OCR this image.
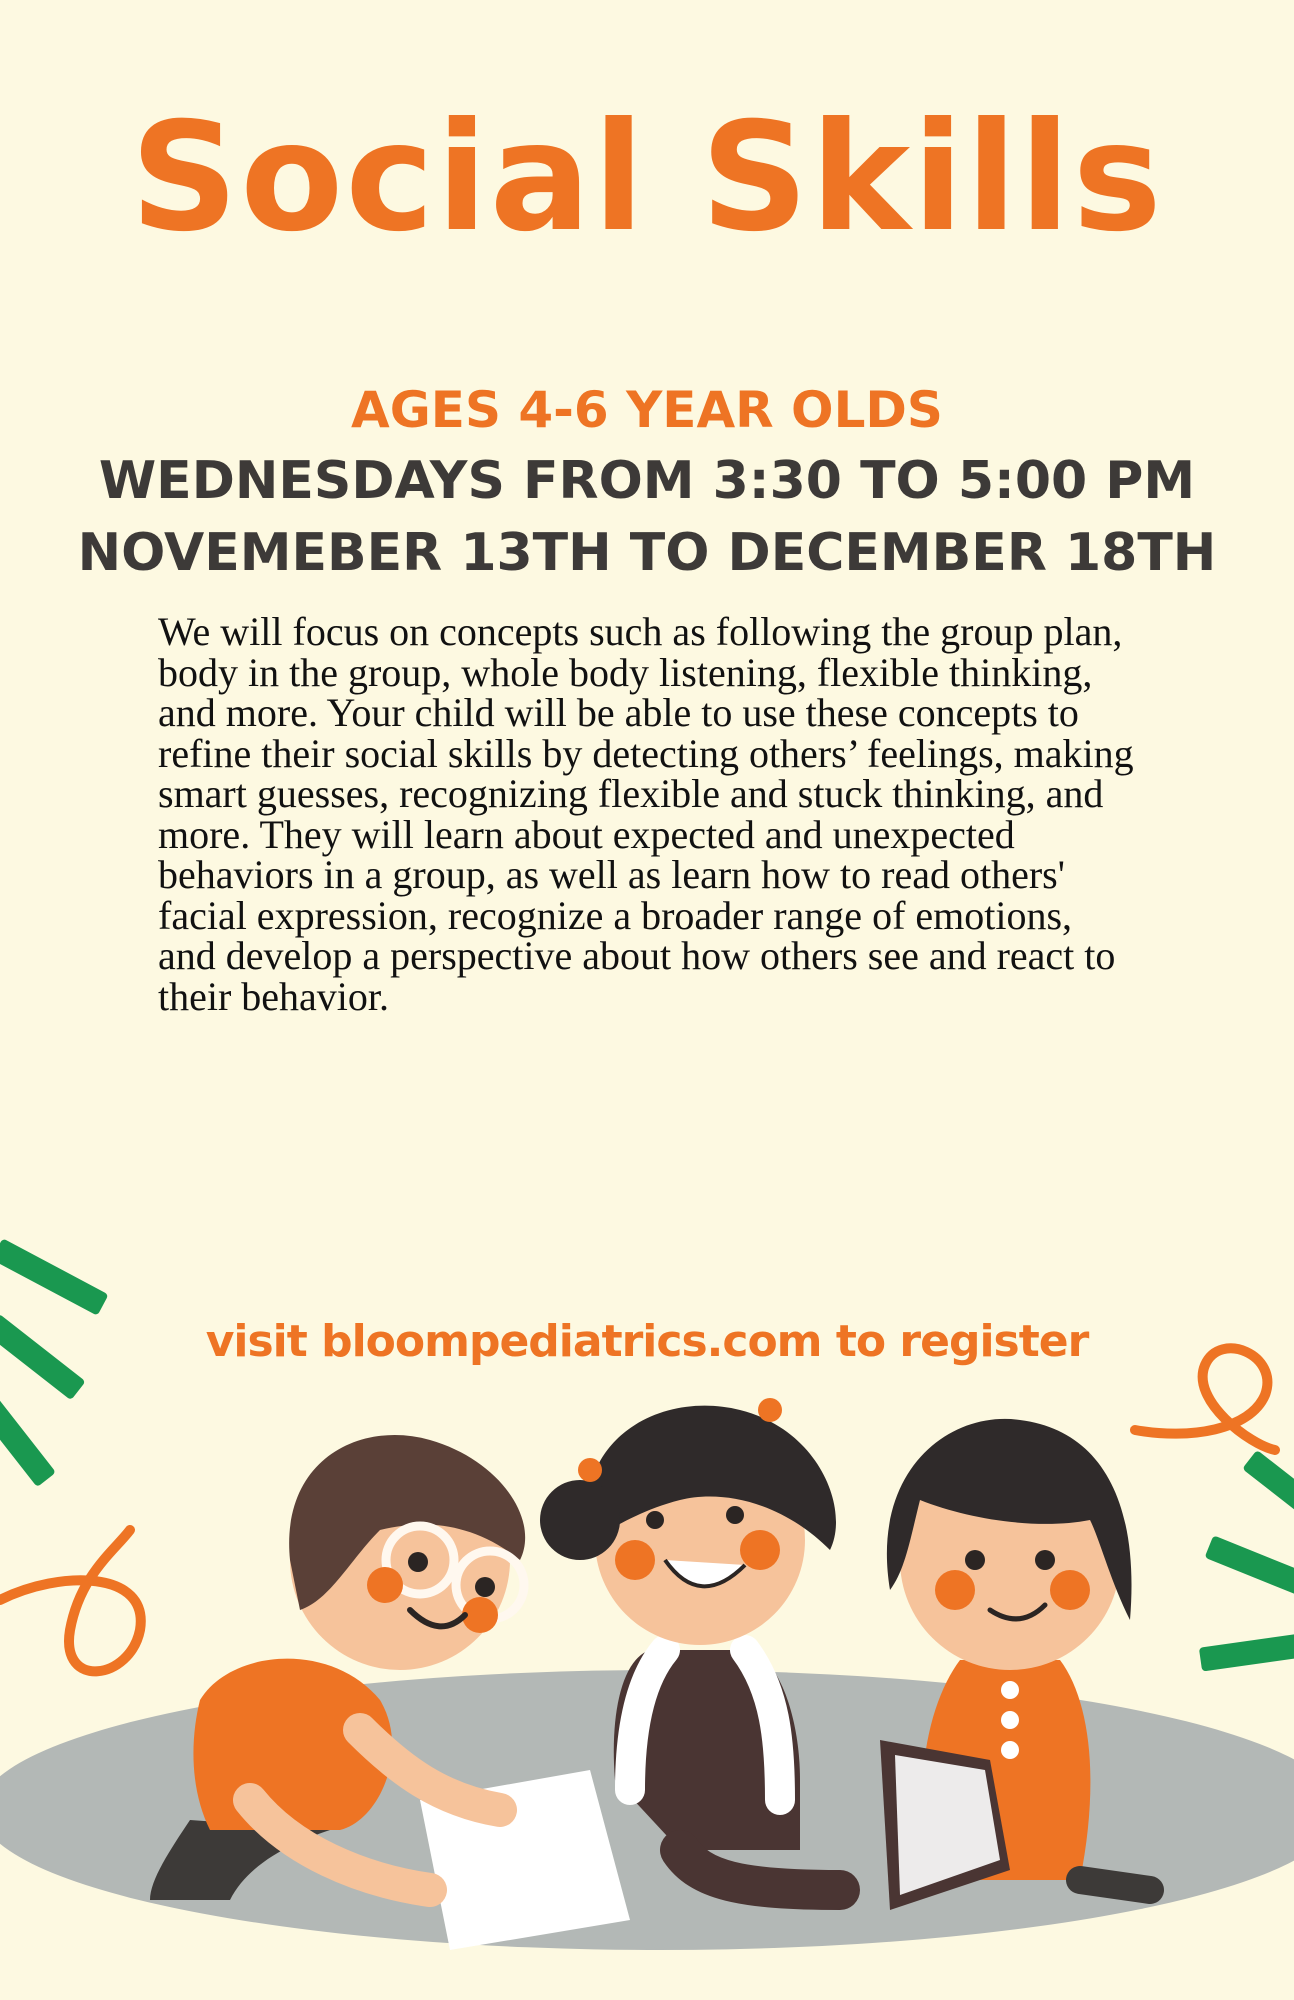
Social Skills
AGES 4-6 YEAR OLDS
WEDNESDAYS FROM 3:30 TO 5:00 PM
NOVEMEBER 13TH TO DECEMBER 18TH

We will focus on concepts such as following the group plan, body in the group, whole body listening, flexible thinking, and more. Your child will be able to use these concepts to refine their social skills by detecting others’ feelings, making smart guesses, recognizing flexible and stuck thinking, and more. They will learn about expected and unexpected behaviors in a group, as well as learn how to read others' facial expression, recognize a broader range of emotions, and develop a perspective about how others see and react to their behavior.

visit bloompediatrics.com to register
